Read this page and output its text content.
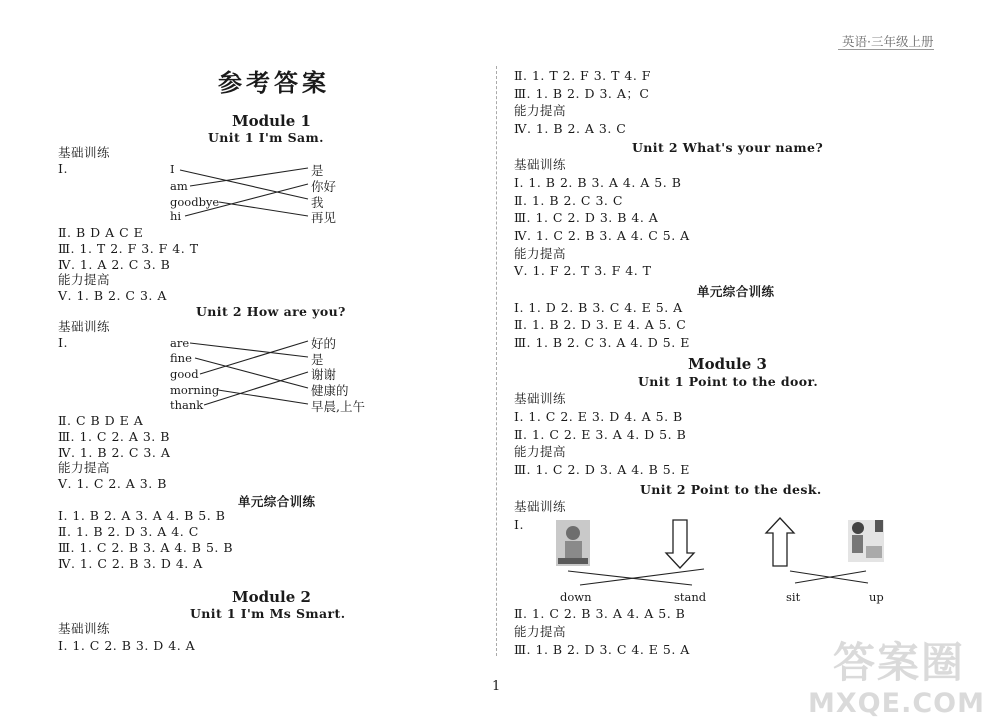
英语·三年级上册
1
参考答案
Module 1
Unit 1 I'm Sam.
基础训练
Ⅰ.	I
am
goodbye
hi
是
你好
我
再见
Ⅱ. B D A C E
Ⅲ. 1. T 2. F 3. F 4. T
Ⅳ. 1. A 2. C 3. B
能力提高
Ⅴ. 1. B 2. C 3. A
Unit 2 How are you?
基础训练
Ⅰ.	are
fine
good
morning
thank
好的
是
谢谢
健康的
早晨,上午
Ⅱ. C B D E A
Ⅲ. 1. C 2. A 3. B
Ⅳ. 1. B 2. C 3. A
能力提高
Ⅴ. 1. C 2. A 3. B
单元综合训练
Ⅰ. 1. B 2. A 3. A 4. B 5. B
Ⅱ. 1. B 2. D 3. A 4. C
Ⅲ. 1. C 2. B 3. A 4. B 5. B
Ⅳ. 1. C 2. B 3. D 4. A
Module 2
Unit 1 I'm Ms Smart.
基础训练
Ⅰ. 1. C 2. B 3. D 4. A
Ⅱ. 1. T 2. F 3. T 4. F
Ⅲ. 1. B 2. D 3. A；C
能力提高
Ⅳ. 1. B 2. A 3. C
Unit 2 What's your name?
基础训练
Ⅰ. 1. B 2. B 3. A 4. A 5. B
Ⅱ. 1. B 2. C 3. C
Ⅲ. 1. C 2. D 3. B 4. A
Ⅳ. 1. C 2. B 3. A 4. C 5. A
能力提高
Ⅴ. 1. F 2. T 3. F 4. T
单元综合训练
Ⅰ. 1. D 2. B 3. C 4. E 5. A
Ⅱ. 1. B 2. D 3. E 4. A 5. C
Ⅲ. 1. B 2. C 3. A 4. D 5. E
Module 3
Unit 1 Point to the door.
基础训练
Ⅰ. 1. C 2. E 3. D 4. A 5. B
Ⅱ. 1. C 2. E 3. A 4. D 5. B
能力提高
Ⅲ. 1. C 2. D 3. A 4. B 5. E
Unit 2 Point to the desk.
基础训练
Ⅰ.
down	stand	sit	up
Ⅱ. 1. C 2. B 3. A 4. A 5. B
能力提高
Ⅲ. 1. B 2. D 3. C 4. E 5. A	答案圈
MXQE.COM
